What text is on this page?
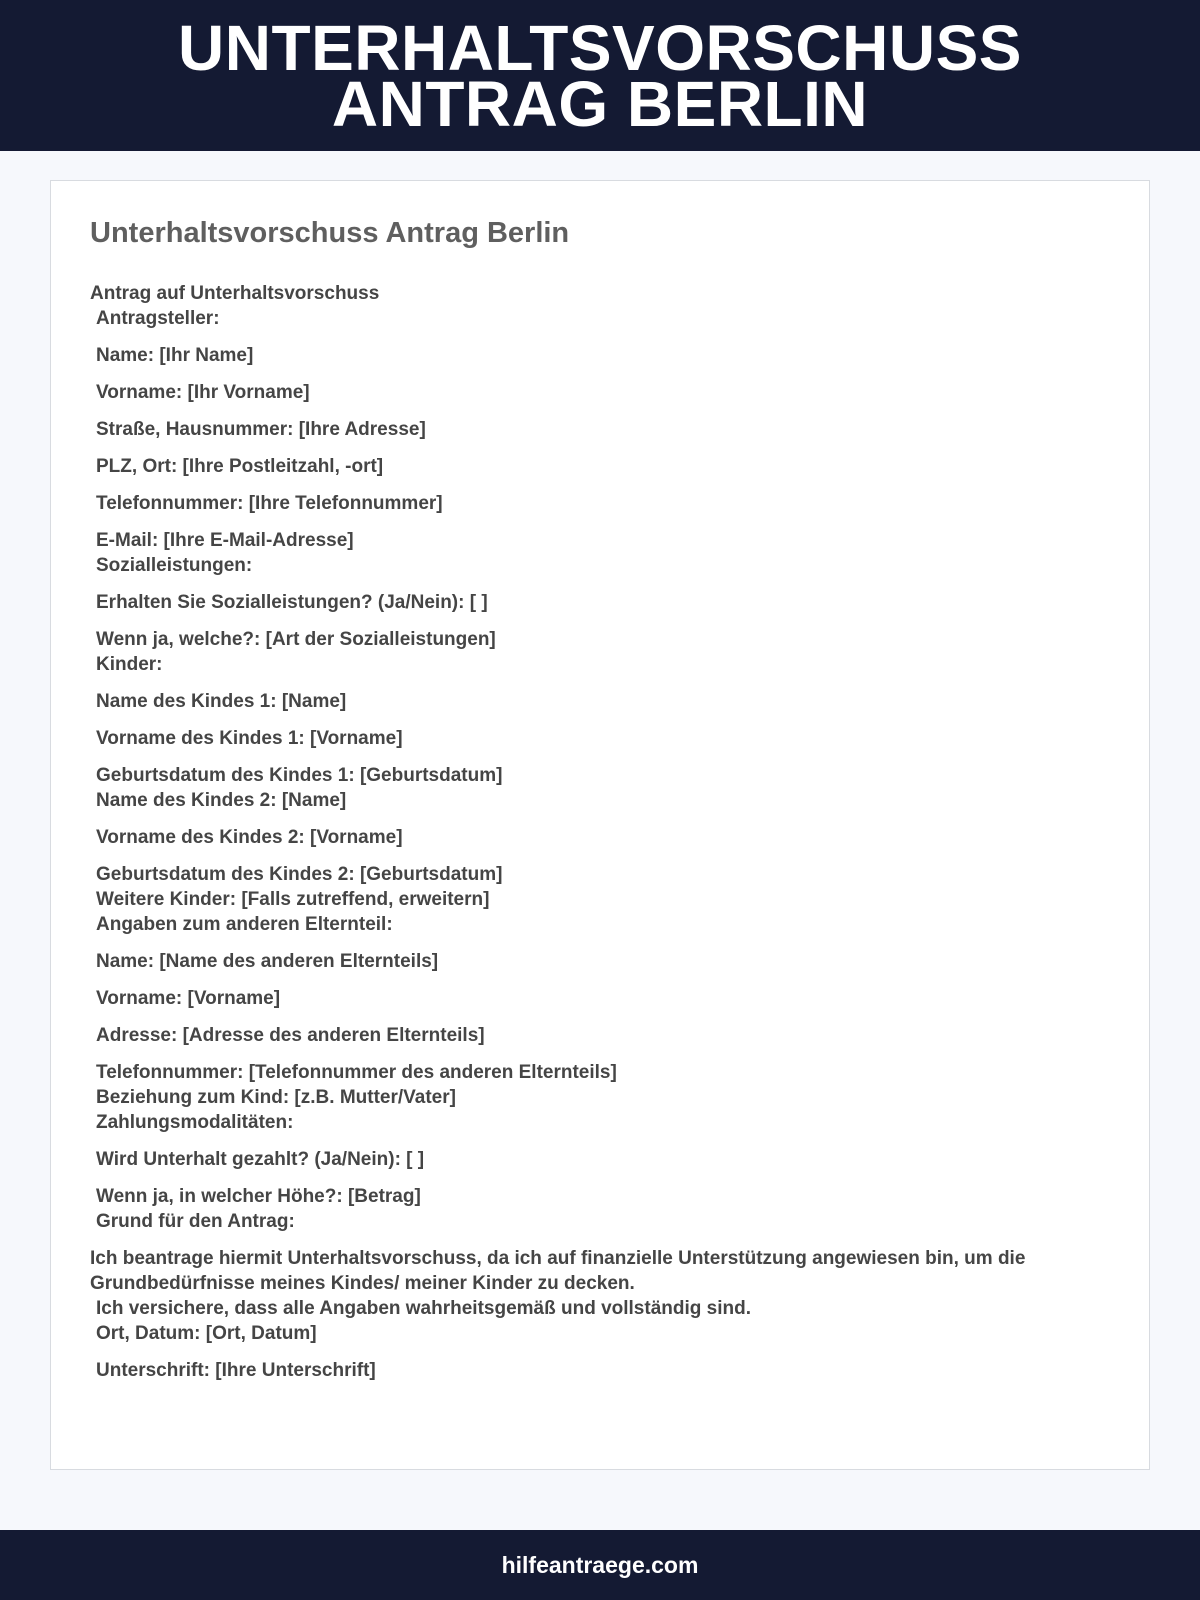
UNTERHALTSVORSCHUSS
ANTRAG BERLIN
Unterhaltsvorschuss Antrag Berlin
Antrag auf Unterhaltsvorschuss
Antragsteller:
Name: [Ihr Name]
Vorname: [Ihr Vorname]
Straße, Hausnummer: [Ihre Adresse]
PLZ, Ort: [Ihre Postleitzahl, -ort]
Telefonnummer: [Ihre Telefonnummer]
E-Mail: [Ihre E-Mail-Adresse]
Sozialleistungen:
Erhalten Sie Sozialleistungen? (Ja/Nein): [ ]
Wenn ja, welche?: [Art der Sozialleistungen]
Kinder:
Name des Kindes 1: [Name]
Vorname des Kindes 1: [Vorname]
Geburtsdatum des Kindes 1: [Geburtsdatum]
Name des Kindes 2: [Name]
Vorname des Kindes 2: [Vorname]
Geburtsdatum des Kindes 2: [Geburtsdatum]
Weitere Kinder: [Falls zutreffend, erweitern]
Angaben zum anderen Elternteil:
Name: [Name des anderen Elternteils]
Vorname: [Vorname]
Adresse: [Adresse des anderen Elternteils]
Telefonnummer: [Telefonnummer des anderen Elternteils]
Beziehung zum Kind: [z.B. Mutter/Vater]
Zahlungsmodalitäten:
Wird Unterhalt gezahlt? (Ja/Nein): [ ]
Wenn ja, in welcher Höhe?: [Betrag]
Grund für den Antrag:
Ich beantrage hiermit Unterhaltsvorschuss, da ich auf finanzielle Unterstützung angewiesen bin, um die Grundbedürfnisse meines Kindes/ meiner Kinder zu decken.
Ich versichere, dass alle Angaben wahrheitsgemäß und vollständig sind.
Ort, Datum: [Ort, Datum]
Unterschrift: [Ihre Unterschrift]
hilfeantraege.com
